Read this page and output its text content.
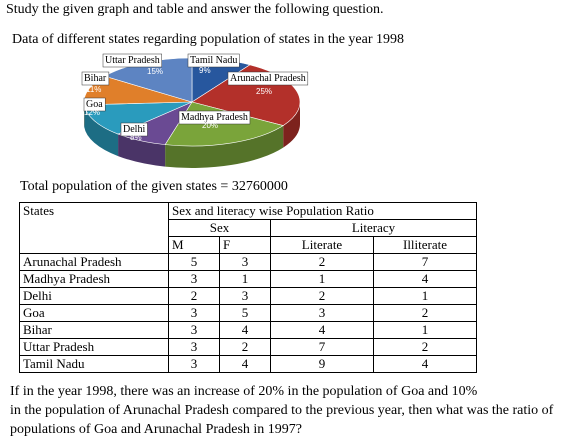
Study the given graph and table and answer the following question.
Data of different states regarding population of states in the year 1998
Tamil Nadu
9%
Arunachal Pradesh
25%
Madhya Pradesh
20%
Delhi
8%
Goa
12%
Bihar
11%
Uttar Pradesh
15%
Total population of the given states = 32760000
States	Sex and literacy wise Population Ratio			
	Sex		Literacy	
	M	F	Literate	Illiterate
Arunachal Pradesh	5	3	2	7
Madhya Pradesh	3	1	1	4
Delhi	2	3	2	1
Goa	3	5	3	2
Bihar	3	4	4	1
Uttar Pradesh	3	2	7	2
Tamil Nadu	3	4	9	4
If in the year 1998, there was an increase of 20% in the population of Goa and 10%
in the population of Arunachal Pradesh compared to the previous year, then what was the ratio of
populations of Goa and Arunachal Pradesh in 1997?
